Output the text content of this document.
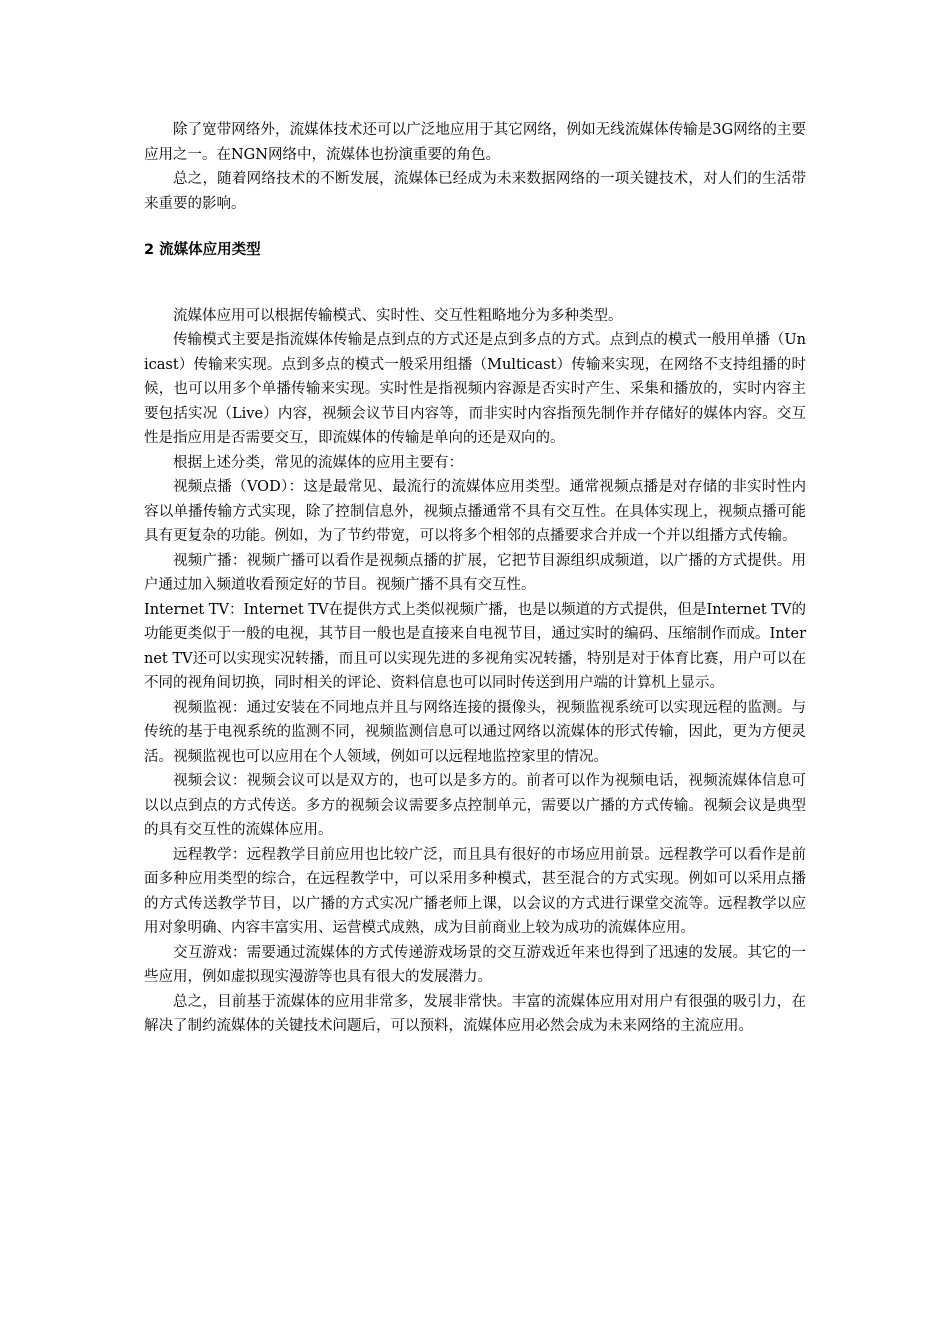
除了宽带网络外，流媒体技术还可以广泛地应用于其它网络，例如无线流媒体传输是3G网络的主要应用之一。在NGN网络中，流媒体也扮演重要的角色。

总之，随着网络技术的不断发展，流媒体已经成为未来数据网络的一项关键技术，对人们的生活带来重要的影响。

2 流媒体应用类型

流媒体应用可以根据传输模式、实时性、交互性粗略地分为多种类型。

传输模式主要是指流媒体传输是点到点的方式还是点到多点的方式。点到点的模式一般用单播（Unicast）传输来实现。点到多点的模式一般采用组播（Multicast）传输来实现，在网络不支持组播的时候，也可以用多个单播传输来实现。实时性是指视频内容源是否实时产生、采集和播放的，实时内容主要包括实况（Live）内容，视频会议节目内容等，而非实时内容指预先制作并存储好的媒体内容。交互性是指应用是否需要交互，即流媒体的传输是单向的还是双向的。

根据上述分类，常见的流媒体的应用主要有：

视频点播（VOD）：这是最常见、最流行的流媒体应用类型。通常视频点播是对存储的非实时性内容以单播传输方式实现，除了控制信息外，视频点播通常不具有交互性。在具体实现上，视频点播可能具有更复杂的功能。例如，为了节约带宽，可以将多个相邻的点播要求合并成一个并以组播方式传输。

视频广播：视频广播可以看作是视频点播的扩展，它把节目源组织成频道，以广播的方式提供。用户通过加入频道收看预定好的节目。视频广播不具有交互性。

Internet TV：Internet TV在提供方式上类似视频广播，也是以频道的方式提供，但是Internet TV的功能更类似于一般的电视，其节目一般也是直接来自电视节目，通过实时的编码、压缩制作而成。Internet TV还可以实现实况转播，而且可以实现先进的多视角实况转播，特别是对于体育比赛，用户可以在不同的视角间切换，同时相关的评论、资料信息也可以同时传送到用户端的计算机上显示。

视频监视：通过安装在不同地点并且与网络连接的摄像头，视频监视系统可以实现远程的监测。与传统的基于电视系统的监测不同，视频监测信息可以通过网络以流媒体的形式传输，因此，更为方便灵活。视频监视也可以应用在个人领域，例如可以远程地监控家里的情况。

视频会议：视频会议可以是双方的，也可以是多方的。前者可以作为视频电话，视频流媒体信息可以以点到点的方式传送。多方的视频会议需要多点控制单元，需要以广播的方式传输。视频会议是典型的具有交互性的流媒体应用。

远程教学：远程教学目前应用也比较广泛，而且具有很好的市场应用前景。远程教学可以看作是前面多种应用类型的综合，在远程教学中，可以采用多种模式，甚至混合的方式实现。例如可以采用点播的方式传送教学节目，以广播的方式实况广播老师上课，以会议的方式进行课堂交流等。远程教学以应用对象明确、内容丰富实用、运营模式成熟，成为目前商业上较为成功的流媒体应用。

交互游戏：需要通过流媒体的方式传递游戏场景的交互游戏近年来也得到了迅速的发展。其它的一些应用，例如虚拟现实漫游等也具有很大的发展潜力。

总之，目前基于流媒体的应用非常多，发展非常快。丰富的流媒体应用对用户有很强的吸引力，在解决了制约流媒体的关键技术问题后，可以预料，流媒体应用必然会成为未来网络的主流应用。
